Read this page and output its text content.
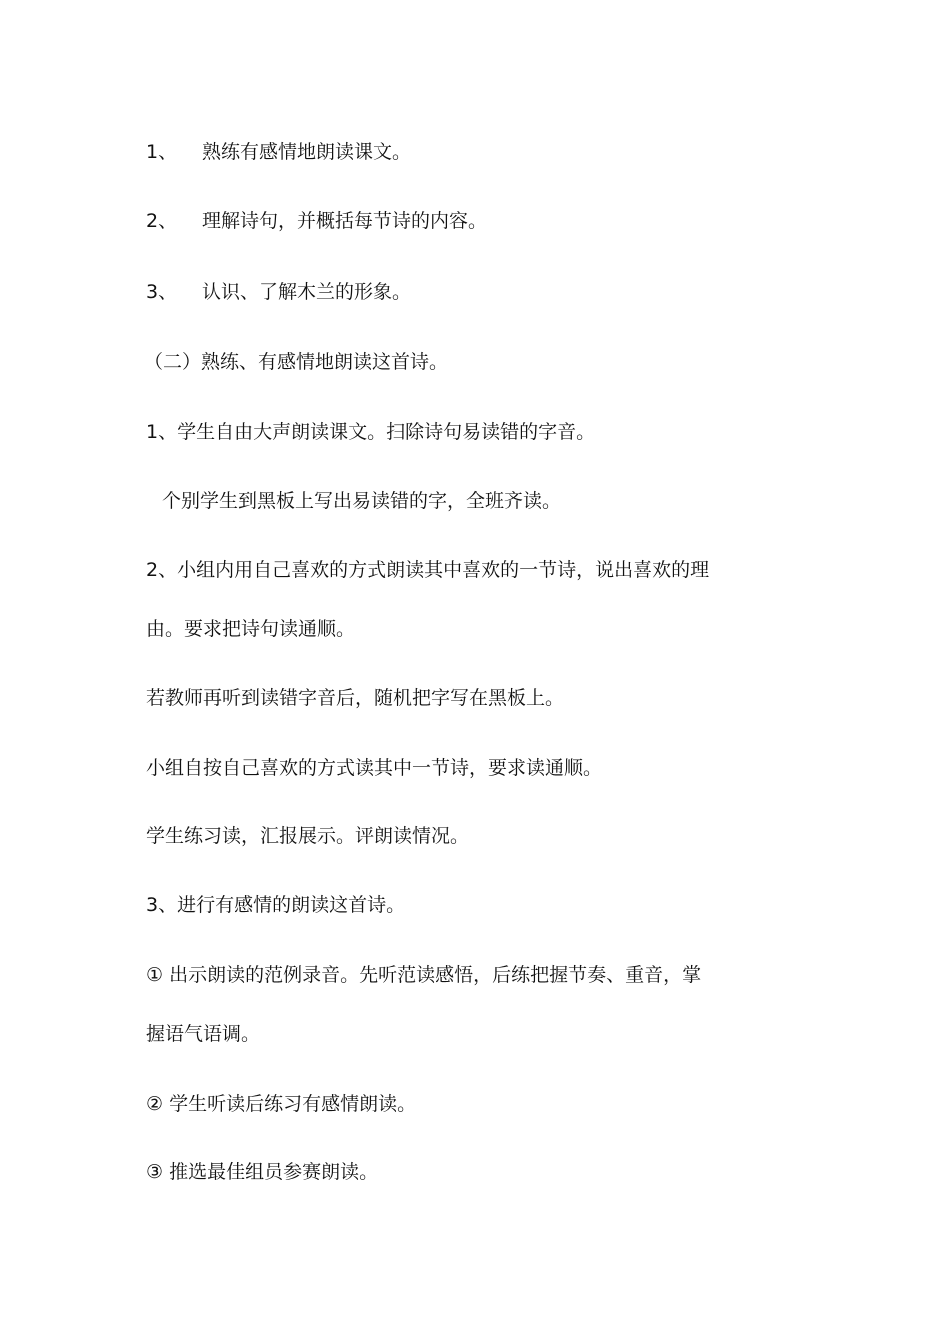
1、 熟练有感情地朗读课文。
2、 理解诗句，并概括每节诗的内容。
3、 认识、了解木兰的形象。
（二）熟练、有感情地朗读这首诗。
1、学生自由大声朗读课文。扫除诗句易读错的字音。
个别学生到黑板上写出易读错的字，全班齐读。
2、小组内用自己喜欢的方式朗读其中喜欢的一节诗，说出喜欢的理
由。要求把诗句读通顺。
若教师再听到读错字音后，随机把字写在黑板上。
小组自按自己喜欢的方式读其中一节诗，要求读通顺。
学生练习读，汇报展示。评朗读情况。
3、进行有感情的朗读这首诗。
① 出示朗读的范例录音。先听范读感悟，后练把握节奏、重音，掌
握语气语调。
② 学生听读后练习有感情朗读。
③ 推选最佳组员参赛朗读。
